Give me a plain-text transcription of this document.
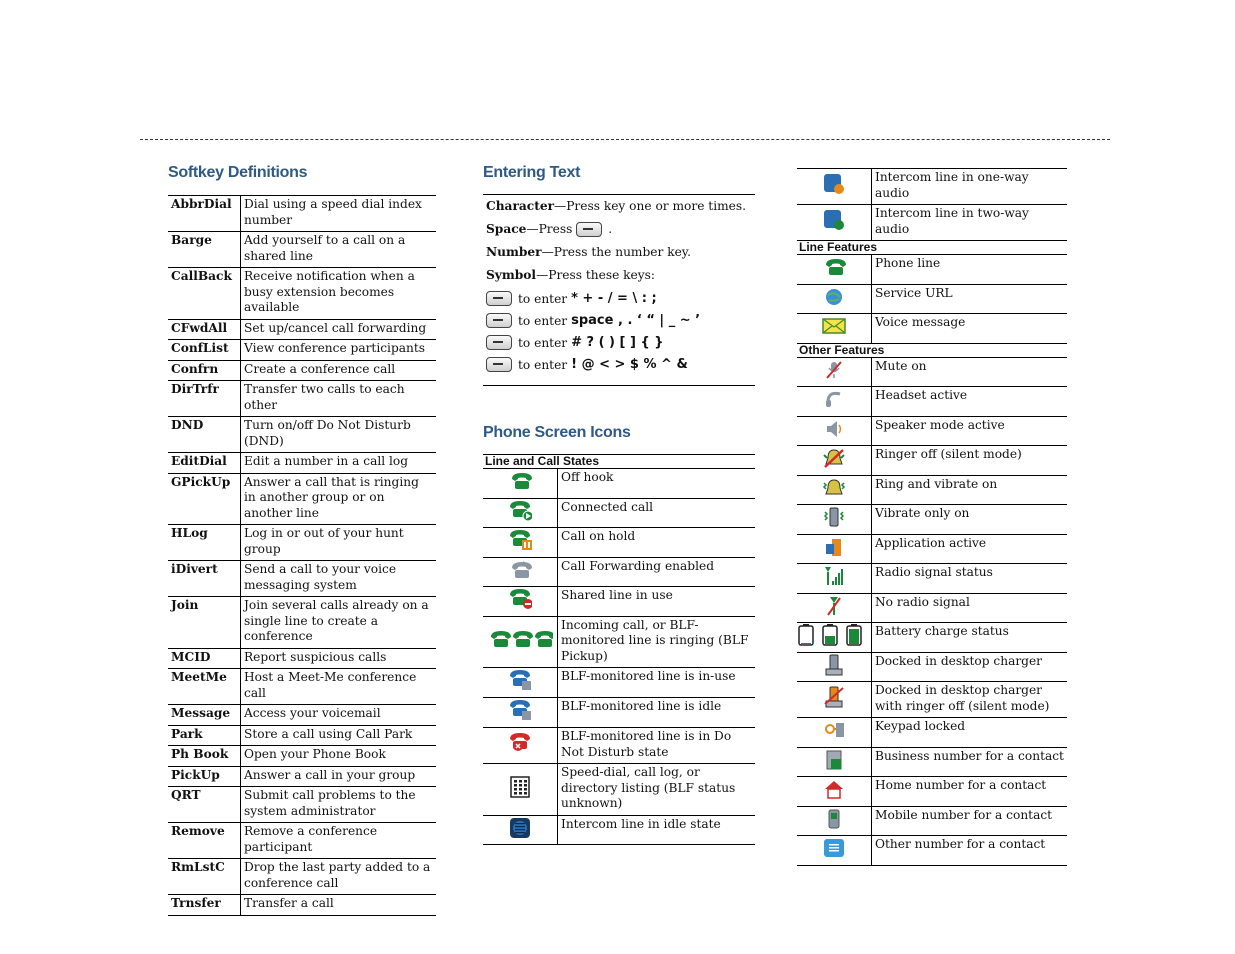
Softkey Definitions
AbbrDial	Dial using a speed dial index number
Barge	Add yourself to a call on a shared line
CallBack	Receive notification when a busy extension becomes available
CFwdAll	Set up/cancel call forwarding
ConfList	View conference participants
Confrn	Create a conference call
DirTrfr	Transfer two calls to each other
DND	Turn on/off Do Not Disturb (DND)
EditDial	Edit a number in a call log
GPickUp	Answer a call that is ringing in another group or on another line
HLog	Log in or out of your hunt group
iDivert	Send a call to your voice messaging system
Join	Join several calls already on a single line to create a conference
MCID	Report suspicious calls
MeetMe	Host a Meet-Me conference call
Message	Access your voicemail
Park	Store a call using Call Park
Ph Book	Open your Phone Book
PickUp	Answer a call in your group
QRT	Submit call problems to the system administrator
Remove	Remove a conference participant
RmLstC	Drop the last party added to a conference call
Trnsfer	Transfer a call
Entering Text

Character—Press key one or more times.

Space—Press	.

Number—Press the number key.

Symbol—Press these keys:

to enter * + - / = \ : ;
to enter space , . ‘ “ | _ ~ ’
to enter # ? ( ) [ ] { }
to enter ! @ < > $ % ^ &
Phone Screen Icons
Line and Call States
	Off hook
	Connected call
	Call on hold
	Call Forwarding enabled
	Shared line in use
	Incoming call, or BLF-monitored line is ringing (BLF Pickup)
	BLF-monitored line is in-use
	BLF-monitored line is idle
	BLF-monitored line is in Do Not Disturb state
	Speed-dial, call log, or directory listing (BLF status unknown)
	Intercom line in idle state
	Intercom line in one-way audio
	Intercom line in two-way audio
Line Features
	Phone line
	Service URL
	Voice message
Other Features
	Mute on
	Headset active
	Speaker mode active
	Ringer off (silent mode)
	Ring and vibrate on
	Vibrate only on
	Application active
	Radio signal status
	No radio signal
	Battery charge status
	Docked in desktop charger
	Docked in desktop charger with ringer off (silent mode)
	Keypad locked
	Business number for a contact
	Home number for a contact
	Mobile number for a contact
	Other number for a contact
